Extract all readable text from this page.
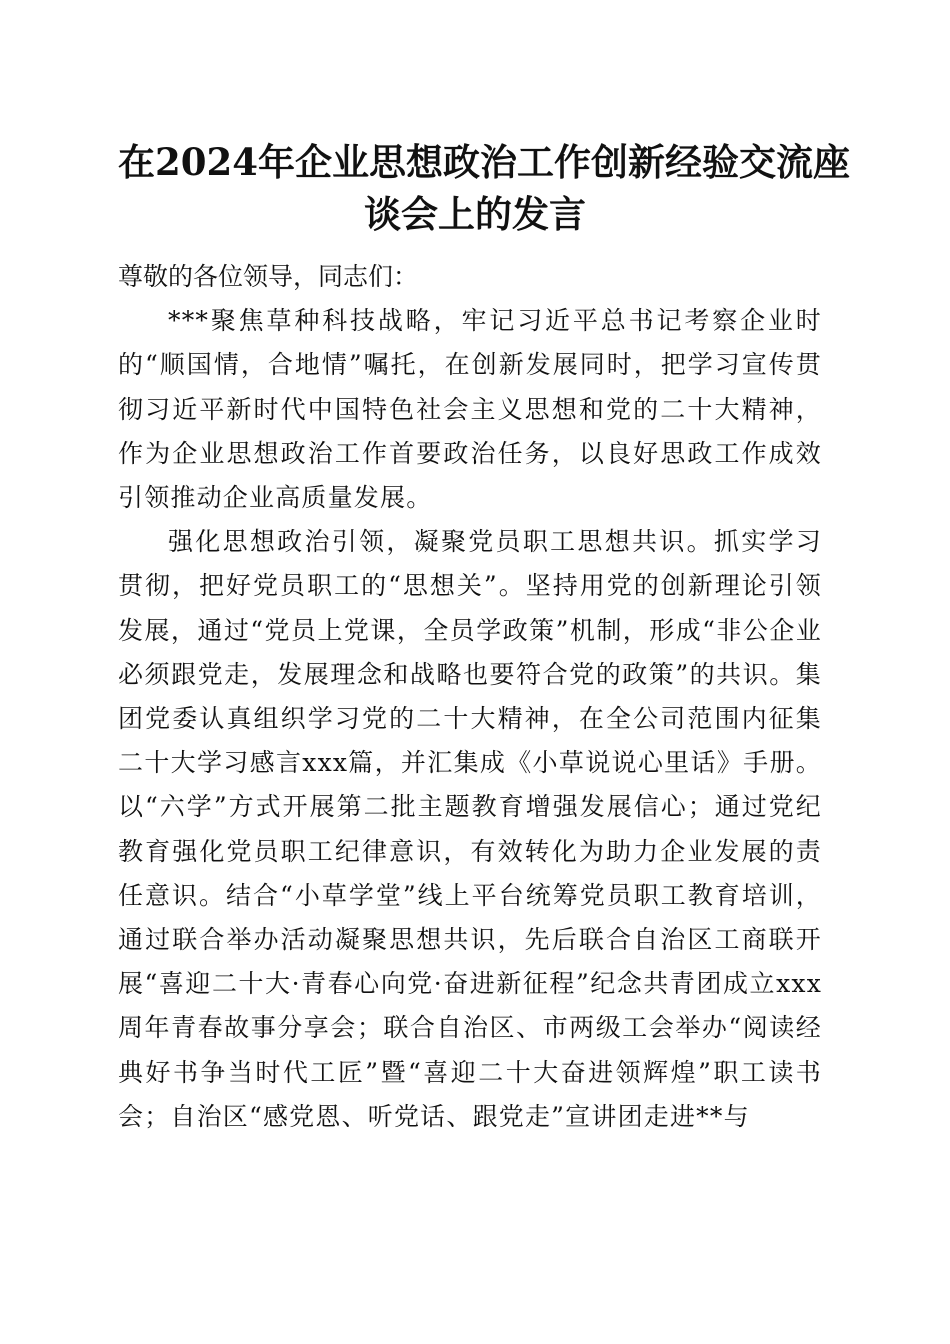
在2024年企业思想政治工作创新经验交流座
谈会上的发言

尊敬的各位领导，同志们：

***聚焦草种科技战略，牢记习近平总书记考察企业时的“顺国情，合地情”嘱托，在创新发展同时，把学习宣传贯彻习近平新时代中国特色社会主义思想和党的二十大精神，作为企业思想政治工作首要政治任务，以良好思政工作成效引领推动企业高质量发展。

强化思想政治引领，凝聚党员职工思想共识。抓实学习贯彻，把好党员职工的“思想关”。坚持用党的创新理论引领发展，通过“党员上党课，全员学政策”机制，形成“非公企业必须跟党走，发展理念和战略也要符合党的政策”的共识。集团党委认真组织学习党的二十大精神，在全公司范围内征集二十大学习感言xxx篇，并汇集成《小草说说心里话》手册。以“六学”方式开展第二批主题教育增强发展信心；通过党纪教育强化党员职工纪律意识，有效转化为助力企业发展的责任意识。结合“小草学堂”线上平台统筹党员职工教育培训，通过联合举办活动凝聚思想共识，先后联合自治区工商联开展“喜迎二十大·青春心向党·奋进新征程”纪念共青团成立xxx周年青春故事分享会；联合自治区、市两级工会举办“阅读经典好书争当时代工匠”暨“喜迎二十大奋进领辉煌”职工读书会；自治区“感党恩、听党话、跟党走”宣讲团走进**与
